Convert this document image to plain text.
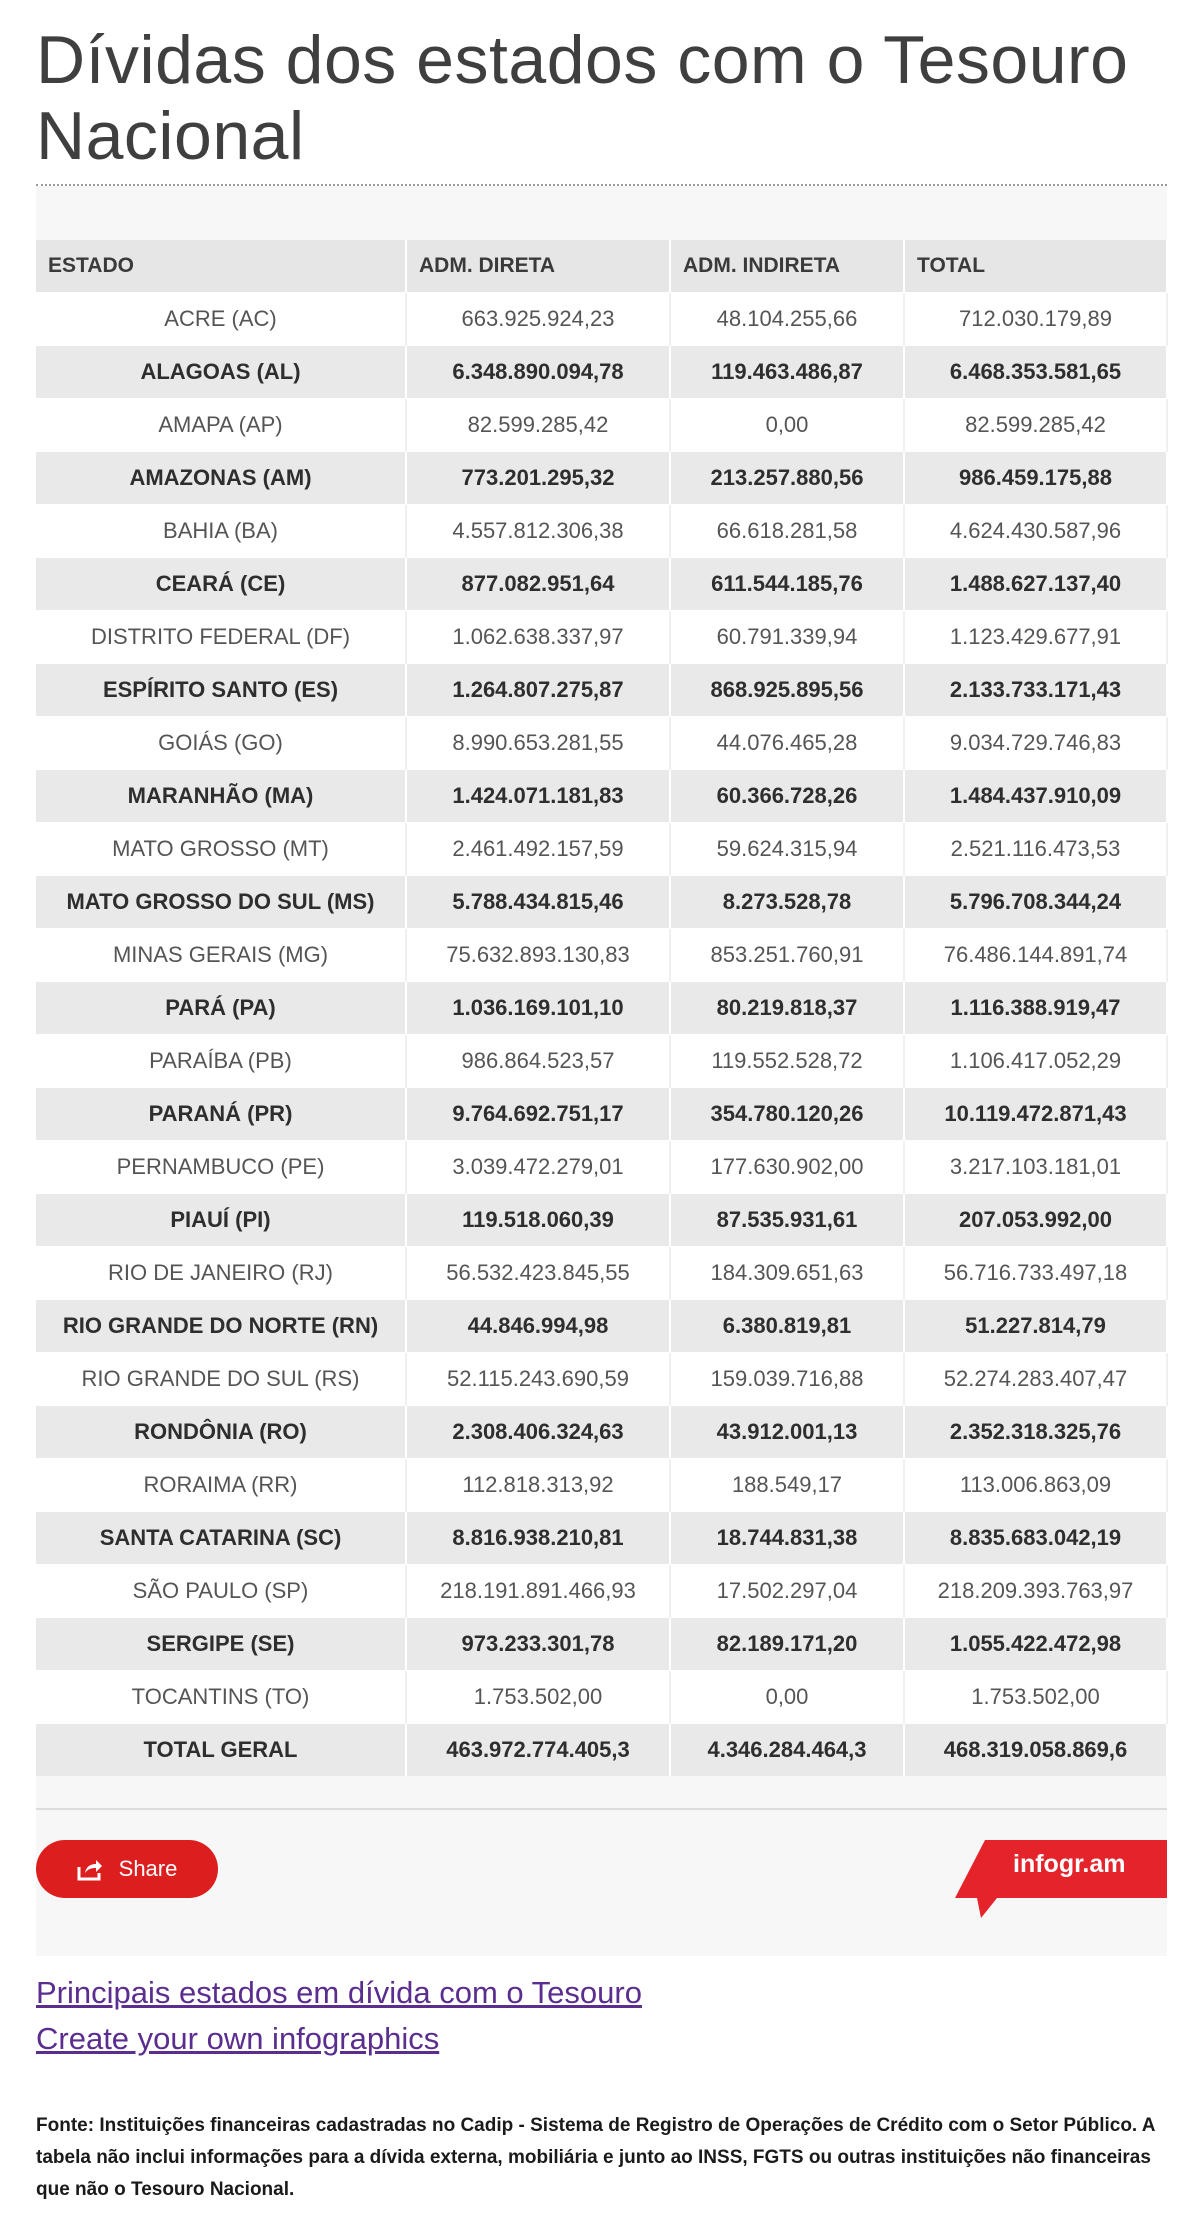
Dívidas dos estados com o Tesouro Nacional
ESTADO	ADM. DIRETA	ADM. INDIRETA	TOTAL
ACRE (AC)	663.925.924,23	48.104.255,66	712.030.179,89
ALAGOAS (AL)	6.348.890.094,78	119.463.486,87	6.468.353.581,65
AMAPA (AP)	82.599.285,42	0,00	82.599.285,42
AMAZONAS (AM)	773.201.295,32	213.257.880,56	986.459.175,88
BAHIA (BA)	4.557.812.306,38	66.618.281,58	4.624.430.587,96
CEARÁ (CE)	877.082.951,64	611.544.185,76	1.488.627.137,40
DISTRITO FEDERAL (DF)	1.062.638.337,97	60.791.339,94	1.123.429.677,91
ESPÍRITO SANTO (ES)	1.264.807.275,87	868.925.895,56	2.133.733.171,43
GOIÁS (GO)	8.990.653.281,55	44.076.465,28	9.034.729.746,83
MARANHÃO (MA)	1.424.071.181,83	60.366.728,26	1.484.437.910,09
MATO GROSSO (MT)	2.461.492.157,59	59.624.315,94	2.521.116.473,53
MATO GROSSO DO SUL (MS)	5.788.434.815,46	8.273.528,78	5.796.708.344,24
MINAS GERAIS (MG)	75.632.893.130,83	853.251.760,91	76.486.144.891,74
PARÁ (PA)	1.036.169.101,10	80.219.818,37	1.116.388.919,47
PARAÍBA (PB)	986.864.523,57	119.552.528,72	1.106.417.052,29
PARANÁ (PR)	9.764.692.751,17	354.780.120,26	10.119.472.871,43
PERNAMBUCO (PE)	3.039.472.279,01	177.630.902,00	3.217.103.181,01
PIAUÍ (PI)	119.518.060,39	87.535.931,61	207.053.992,00
RIO DE JANEIRO (RJ)	56.532.423.845,55	184.309.651,63	56.716.733.497,18
RIO GRANDE DO NORTE (RN)	44.846.994,98	6.380.819,81	51.227.814,79
RIO GRANDE DO SUL (RS)	52.115.243.690,59	159.039.716,88	52.274.283.407,47
RONDÔNIA (RO)	2.308.406.324,63	43.912.001,13	2.352.318.325,76
RORAIMA (RR)	112.818.313,92	188.549,17	113.006.863,09
SANTA CATARINA (SC)	8.816.938.210,81	18.744.831,38	8.835.683.042,19
SÃO PAULO (SP)	218.191.891.466,93	17.502.297,04	218.209.393.763,97
SERGIPE (SE)	973.233.301,78	82.189.171,20	1.055.422.472,98
TOCANTINS (TO)	1.753.502,00	0,00	1.753.502,00
TOTAL GERAL	463.972.774.405,3	4.346.284.464,3	468.319.058.869,6
Share	infogr.am
Principais estados em dívida com o Tesouro
Create your own infographics
Fonte: Instituições financeiras cadastradas no Cadip - Sistema de Registro de Operações de Crédito com o Setor Público. A tabela não inclui informações para a dívida externa, mobiliária e junto ao INSS, FGTS ou outras instituições não financeiras que não o Tesouro Nacional.
